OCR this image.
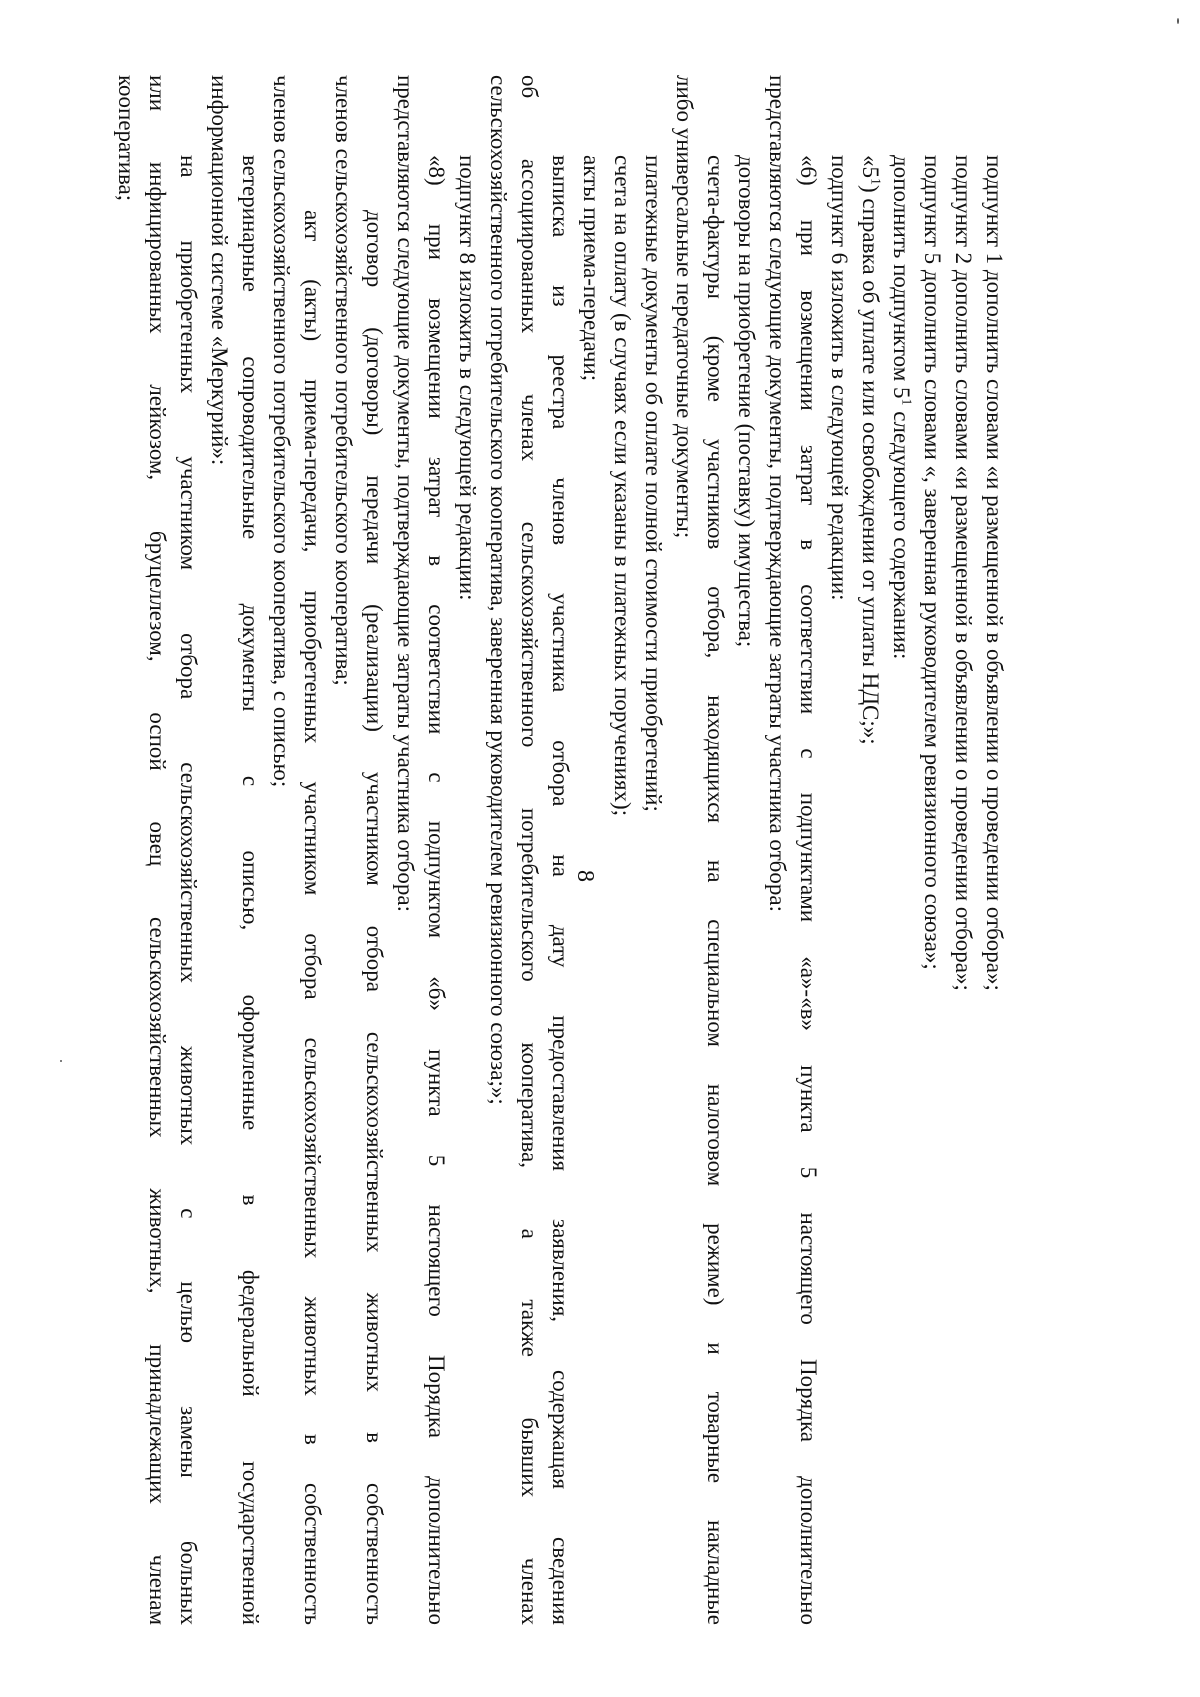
8	подпункт 1 дополнить словами «и размещенной в объявлении о проведении отбора»;
подпункт 2 дополнить словами «и размещенной в объявлении о проведении отбора»;
подпункт 5 дополнить словами «, заверенная руководителем ревизионного союза»;
дополнить подпунктом $5^1$ следующего содержания:
«$5^1$) справка об уплате или освобождении от уплаты НДС;»;
подпункт 6 изложить в следующей редакции:
«6) при возмещении затрат в соответствии с подпунктами «а»-«в» пункта 5 настоящего Порядка дополнительно
представляются следующие документы, подтверждающие затраты участника отбора:
договоры на приобретение (поставку) имущества;
счета-фактуры (кроме участников отбора, находящихся на специальном налоговом режиме) и товарные накладные
либо универсальные передаточные документы;
платежные документы об оплате полной стоимости приобретений;
счета на оплату (в случаях если указаны в платежных поручениях);
акты приема-передачи;
выписка из реестра членов участника отбора на дату предоставления заявления, содержащая сведения
об ассоциированных членах сельскохозяйственного потребительского кооператива, а также бывших членах
сельскохозяйственного потребительского кооператива, заверенная руководителем ревизионного союза;»;
подпункт 8 изложить в следующей редакции:
«8) при возмещении затрат в соответствии с подпунктом «б» пункта 5 настоящего Порядка дополнительно
представляются следующие документы, подтверждающие затраты участника отбора:
договор (договоры) передачи (реализации) участником отбора сельскохозяйственных животных в собственность
членов сельскохозяйственного потребительского кооператива;
акт (акты) приема-передачи, приобретенных участником отбора сельскохозяйственных животных в собственность
членов сельскохозяйственного потребительского кооператива, с описью;
ветеринарные сопроводительные документы с описью, оформленные в федеральной государственной
информационной системе «Меркурий»:
на приобретенных участником отбора сельскохозяйственных животных с целью замены больных
или инфицированных лейкозом, бруцеллезом, оспой овец сельскохозяйственных животных, принадлежащих членам
кооператива;
